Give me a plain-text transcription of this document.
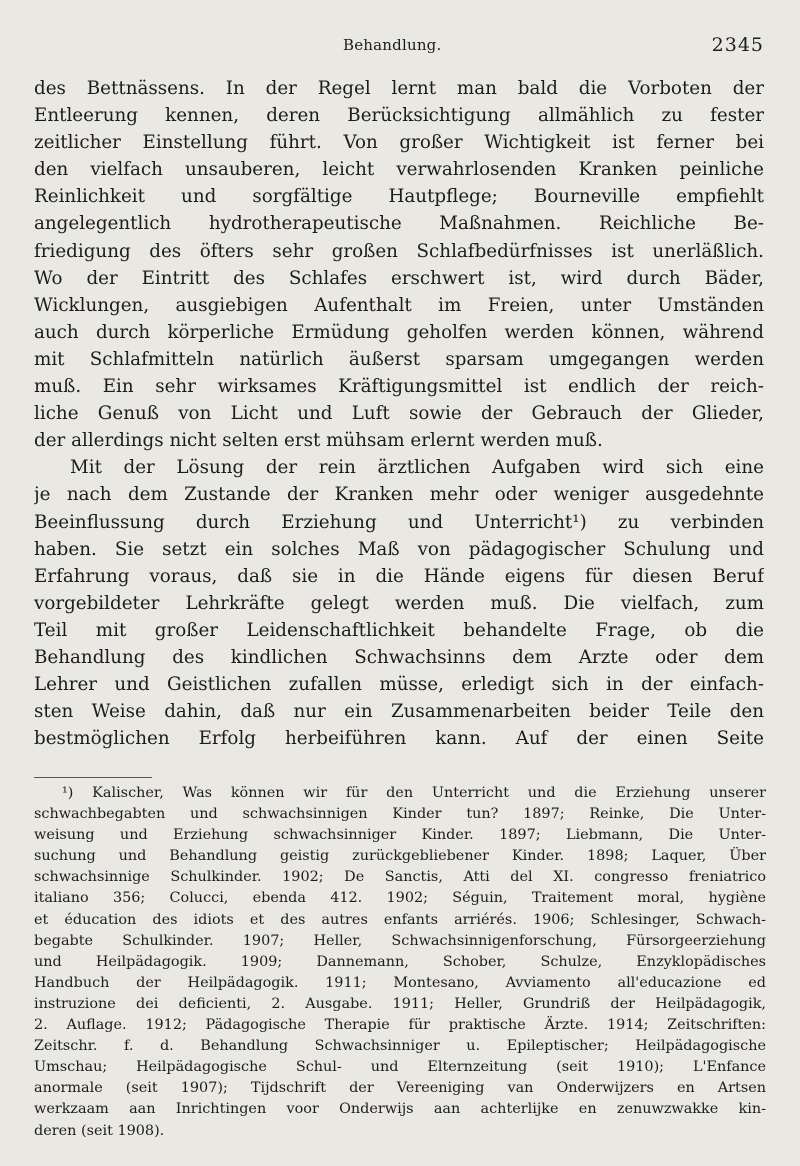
Behandlung.	2345
des Bettnässens. In der Regel lernt man bald die Vorboten der
Entleerung kennen, deren Berücksichtigung allmählich zu fester
zeitlicher Einstellung führt. Von großer Wichtigkeit ist ferner bei
den vielfach unsauberen, leicht verwahrlosenden Kranken peinliche
Reinlichkeit und sorgfältige Hautpflege; Bourneville empfiehlt
angelegentlich hydrotherapeutische Maßnahmen. Reichliche Be-
friedigung des öfters sehr großen Schlafbedürfnisses ist unerläßlich.
Wo der Eintritt des Schlafes erschwert ist, wird durch Bäder,
Wicklungen, ausgiebigen Aufenthalt im Freien, unter Umständen
auch durch körperliche Ermüdung geholfen werden können, während
mit Schlafmitteln natürlich äußerst sparsam umgegangen werden
muß. Ein sehr wirksames Kräftigungsmittel ist endlich der reich-
liche Genuß von Licht und Luft sowie der Gebrauch der Glieder,
der allerdings nicht selten erst mühsam erlernt werden muß.
Mit der Lösung der rein ärztlichen Aufgaben wird sich eine
je nach dem Zustande der Kranken mehr oder weniger ausgedehnte
Beeinflussung durch Erziehung und Unterricht¹) zu verbinden
haben. Sie setzt ein solches Maß von pädagogischer Schulung und
Erfahrung voraus, daß sie in die Hände eigens für diesen Beruf
vorgebildeter Lehrkräfte gelegt werden muß. Die vielfach, zum
Teil mit großer Leidenschaftlichkeit behandelte Frage, ob die
Behandlung des kindlichen Schwachsinns dem Arzte oder dem
Lehrer und Geistlichen zufallen müsse, erledigt sich in der einfach-
sten Weise dahin, daß nur ein Zusammenarbeiten beider Teile den
bestmöglichen Erfolg herbeiführen kann. Auf der einen Seite
¹) Kalischer, Was können wir für den Unterricht und die Erziehung unserer
schwachbegabten und schwachsinnigen Kinder tun? 1897; Reinke, Die Unter-
weisung und Erziehung schwachsinniger Kinder. 1897; Liebmann, Die Unter-
suchung und Behandlung geistig zurückgebliebener Kinder. 1898; Laquer, Über
schwachsinnige Schulkinder. 1902; De Sanctis, Atti del XI. congresso freniatrico
italiano 356; Colucci, ebenda 412. 1902; Séguin, Traitement moral, hygiène
et éducation des idiots et des autres enfants arriérés. 1906; Schlesinger, Schwach-
begabte Schulkinder. 1907; Heller, Schwachsinnigenforschung, Fürsorgeerziehung
und Heilpädagogik. 1909; Dannemann, Schober, Schulze, Enzyklopädisches
Handbuch der Heilpädagogik. 1911; Montesano, Avviamento all'educazione ed
instruzione dei deficienti, 2. Ausgabe. 1911; Heller, Grundriß der Heilpädagogik,
2. Auflage. 1912; Pädagogische Therapie für praktische Ärzte. 1914; Zeitschriften:
Zeitschr. f. d. Behandlung Schwachsinniger u. Epileptischer; Heilpädagogische
Umschau; Heilpädagogische Schul- und Elternzeitung (seit 1910); L'Enfance
anormale (seit 1907); Tijdschrift der Vereeniging van Onderwijzers en Artsen
werkzaam aan Inrichtingen voor Onderwijs aan achterlijke en zenuwzwakke kin-
deren (seit 1908).
